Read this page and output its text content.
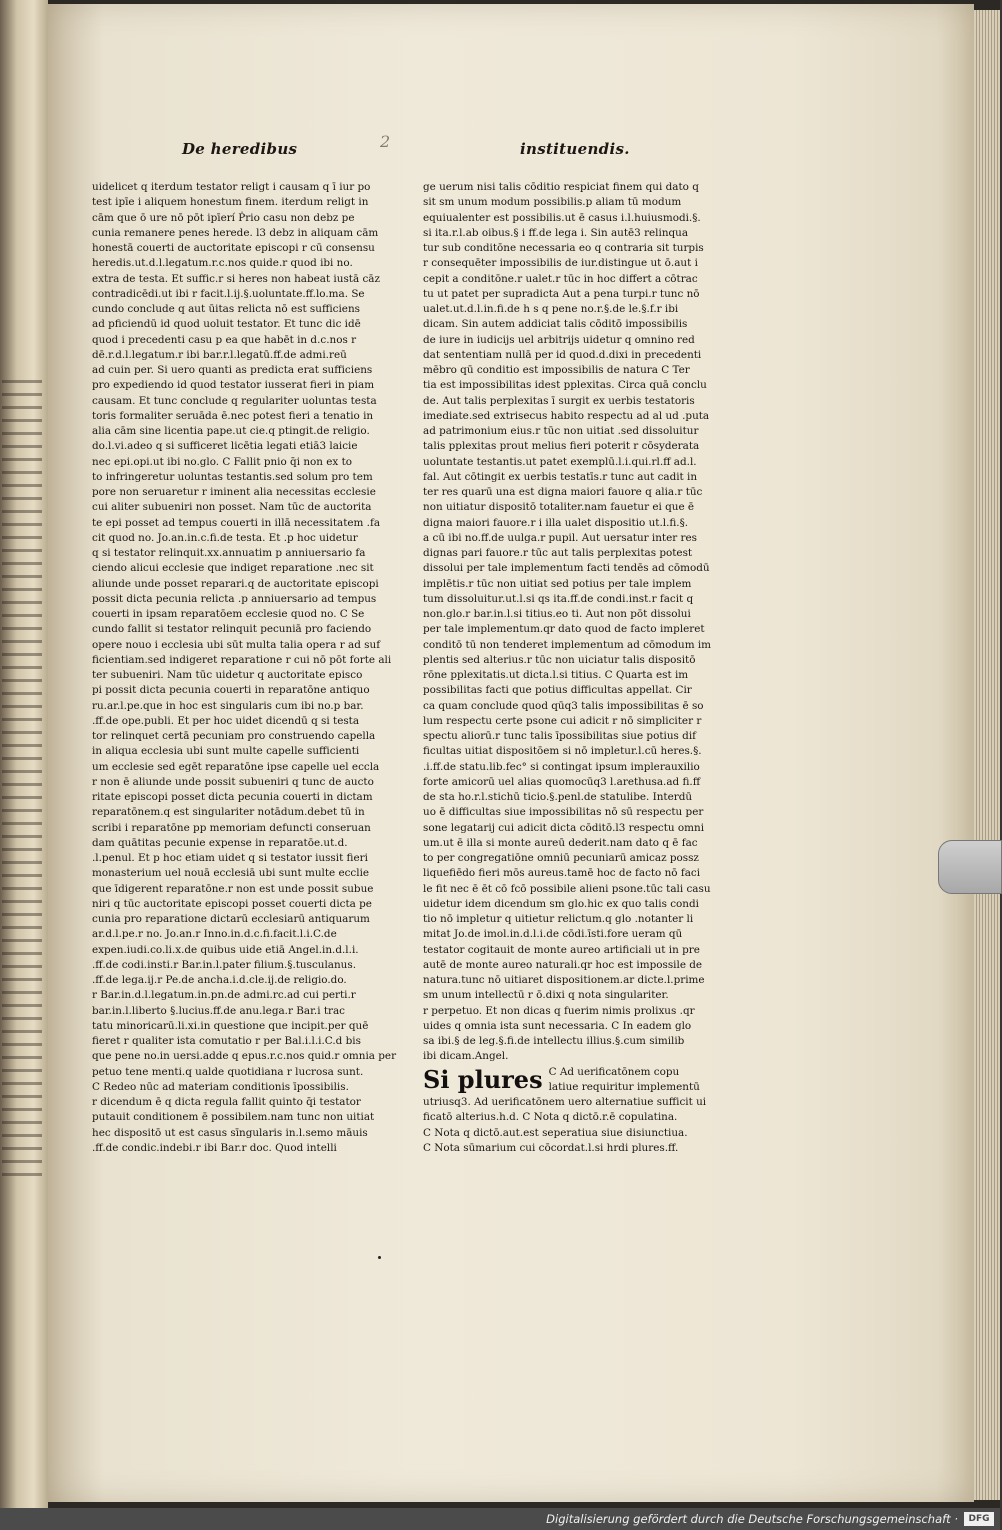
2
De heredibus	instituendis.
uidelicet q iterdum testator religt i causam q ī iur po
test ipīe i aliquem honestum finem. iterdum religt in
cām que ō ure nō pōt ipīerí Ṗrio casu non debz pe
cunia remanere penes herede. l3 debz in aliquam cām
honestā couerti de auctoritate episcopi r cū consensu
heredis.ut.d.l.legatum.r.c.nos quide.r quod ibi no.
extra de testa. Et suffic.r si heres non habeat iustā cāz
contradicēdi.ut ibi r facit.l.ij.§.uoluntate.ff.lo.ma. Se
cundo conclude q aut ūitas relicta nō est sufficiens
ad pficiendū id quod uoluit testator. Et tunc dic idē
quod i precedenti casu p ea que habēt in d.c.nos r
dē.r.d.l.legatum.r ibi bar.r.l.legatū.ff.de admi.reū
ad cuin per. Si uero quanti as predicta erat sufficiens
pro expediendo id quod testator iusserat fieri in piam
causam. Et tunc conclude q regulariter uoluntas testa
toris formaliter seruāda ē.nec potest fieri a tenatio in
alia cām sine licentia pape.ut cie.q ptingit.de religio.
do.l.vi.adeo q si sufficeret licētia legati etiā3 laicie
nec epi.opi.ut ibi no.glo. C Fallit pnio q̄i non ex to
to infringeretur uoluntas testantis.sed solum pro tem
pore non seruaretur r iminent alia necessitas ecclesie
cui aliter subueniri non posset. Nam tūc de auctorita
te epi posset ad tempus couerti in illā necessitatem .fa
cit quod no. Jo.an.in.c.fi.de testa. Et .p hoc uidetur
q si testator relinquit.xx.annuatim p anniuersario fa
ciendo alicui ecclesie que indiget reparatione .nec sit
aliunde unde posset reparari.q de auctoritate episcopi
possit dicta pecunia relicta .p anniuersario ad tempus
couerti in ipsam reparatōem ecclesie quod no. C Se
cundo fallit si testator relinquit pecuniā pro faciendo
opere nouo i ecclesia ubi sūt multa talia opera r ad suf
ficientiam.sed indigeret reparatione r cui nō pōt forte ali
ter subueniri. Nam tūc uidetur q auctoritate episco
pi possit dicta pecunia couerti in reparatōne antiquo
ru.ar.l.pe.que in hoc est singularis cum ibi no.p bar.
.ff.de ope.publi. Et per hoc uidet dicendū q si testa
tor relinquet certā pecuniam pro construendo capella
in aliqua ecclesia ubi sunt multe capelle sufficienti
um ecclesie sed egēt reparatōne ipse capelle uel eccla
r non ē aliunde unde possit subueniri q tunc de aucto
ritate episcopi posset dicta pecunia couerti in dictam
reparatōnem.q est singulariter notādum.debet tū in
scribi i reparatōne pp memoriam defuncti conseruan
dam quātitas pecunie expense in reparatōe.ut.d.
.l.penul. Et p hoc etiam uidet q si testator iussit fieri
monasterium uel nouā ecclesiā ubi sunt multe ecclie
que īdigerent reparatōne.r non est unde possit subue
niri q tūc auctoritate episcopi posset couerti dicta pe
cunia pro reparatione dictarū ecclesiarū antiquarum
ar.d.l.pe.r no. Jo.an.r Inno.in.d.c.fi.facit.l.i.C.de
expen.iudi.co.li.x.de quibus uide etiā Angel.in.d.l.i.
.ff.de codi.insti.r Bar.in.l.pater filium.§.tusculanus.
.ff.de lega.ij.r Pe.de ancha.i.d.cle.ij.de religio.do.
r Bar.in.d.l.legatum.in.pn.de admi.rc.ad cui perti.r
bar.in.l.liberto §.lucius.ff.de anu.lega.r Bar.i trac
tatu minoricarū.li.xi.in questione que incipit.per quē
fieret r qualiter ista comutatio r per Bal.i.l.i.C.d bis
que pene no.in uersi.adde q epus.r.c.nos quid.r omnia per
petuo tene menti.q ualde quotidiana r lucrosa sunt.
C Redeo nūc ad materiam conditionis īpossibilis.
r dicendum ē q dicta regula fallit quinto q̄i testator
putauit conditionem ē possibilem.nam tunc non uitiat
hec dispositō ut est casus sīngularis in.l.semo māuis
.ff.de condic.indebi.r ibi Bar.r doc. Quod intelli
ge uerum nisi talis cōditio respiciat finem qui dato q
sit sm unum modum possibilis.p aliam tū modum
equiualenter est possibilis.ut ē casus i.l.huiusmodi.§.
si ita.r.l.ab oibus.§ i ff.de lega i. Sin autē3 relinqua
tur sub conditōne necessaria eo q contraria sit turpis
r consequēter impossibilis de iur.distingue ut ō.aut i
cepit a conditōne.r ualet.r tūc in hoc differt a cōtrac
tu ut patet per supradicta Aut a pena turpi.r tunc nō
ualet.ut.d.l.in.fi.de h s q pene no.r.§.de le.§.f.r ibi
dicam. Sin autem addiciat talis cōditō impossibilis
de iure in iudicijs uel arbitrijs uidetur q omnino red
dat sententiam nullā per id quod.d.dixi in precedenti
mēbro qū conditio est impossibilis de natura C Ter
tia est impossibilitas idest pplexitas. Circa quā conclu
de. Aut talis perplexitas ī surgit ex uerbis testatoris
imediate.sed extrisecus habito respectu ad al ud .puta
ad patrimonium eius.r tūc non uitiat .sed dissoluitur
talis pplexitas prout melius fieri poterit r cōsyderata
uoluntate testantis.ut patet exemplū.l.i.qui.rl.ff ad.l.
fal. Aut cōtingit ex uerbis testatīs.r tunc aut cadit in
ter res quarū una est digna maiori fauore q alia.r tūc
non uitiatur dispositō totaliter.nam fauetur ei que ē
digna maiori fauore.r i illa ualet dispositio ut.l.fi.§.
a cū ibi no.ff.de uulga.r pupil. Aut uersatur inter res
dignas pari fauore.r tūc aut talis perplexitas potest
dissolui per tale implementum facti tendēs ad cōmodū
implētis.r tūc non uitiat sed potius per tale implem
tum dissoluitur.ut.l.si qs ita.ff.de condi.inst.r facit q
non.glo.r bar.in.l.si titius.eo ti. Aut non pōt dissolui
per tale implementum.qr dato quod de facto impleret
conditō tū non tenderet implementum ad cōmodum im
plentis sed alterius.r tūc non uiciatur talis dispositō
rōne pplexitatis.ut dicta.l.si titius. C Quarta est im
possibilitas facti que potius difficultas appellat. Cir
ca quam conclude quod qūq3 talis impossibilitas ē so
lum respectu certe psone cui adicit r nō simpliciter r
spectu aliorū.r tunc talis īpossibilitas siue potius dif
ficultas uitiat dispositōem si nō impletur.l.cū heres.§.
.i.ff.de statu.lib.fec° si contingat ipsum implerauxilio
forte amicorū uel alias quomocūq3 l.arethusa.ad fi.ff
de sta ho.r.l.stichū ticio.§.penl.de statulibe. Interdū
uo ē difficultas siue impossibilitas nō sū respectu per
sone legatarij cui adicit dicta cōditō.l3 respectu omni
um.ut ē illa si monte aureū dederit.nam dato q ē fac
to per congregatiōne omniū pecuniarū amicaz possz
liquefiēdo fieri mōs aureus.tamē hoc de facto nō faci
le fit nec ē ēt cō fcō possibile alieni psone.tūc tali casu
uidetur idem dicendum sm glo.hic ex quo talis condi
tio nō impletur q uitietur relictum.q glo .notanter li
mitat Jo.de imol.in.d.l.i.de cōdi.īsti.fore ueram qū
testator cogitauit de monte aureo artificiali ut in pre
autē de monte aureo naturali.qr hoc est impossile de
natura.tunc nō uitiaret dispositionem.ar dicte.l.prime
sm unum intellectū r ō.dixi q nota singulariter.
r perpetuo. Et non dicas q fuerim nimis prolixus .qr
uides q omnia ista sunt necessaria. C In eadem glo
sa ibi.§ de leg.§.fi.de intellectu illius.§.cum similib
ibi dicam.Angel.
Si plures C Ad uerificatōnem copu
latiue requiritur implementū
utriusq3. Ad uerificatōnem uero alternatiue sufficit ui
ficatō alterius.h.d. C Nota q dictō.r.ē copulatina.
C Nota q dictō.aut.est seperatiua siue disiunctiua.
C Nota sūmarium cui cōcordat.l.si hrdi plures.ff.
Digitalisierung gefördert durch die Deutsche Forschungsgemeinschaft ·	DFG
